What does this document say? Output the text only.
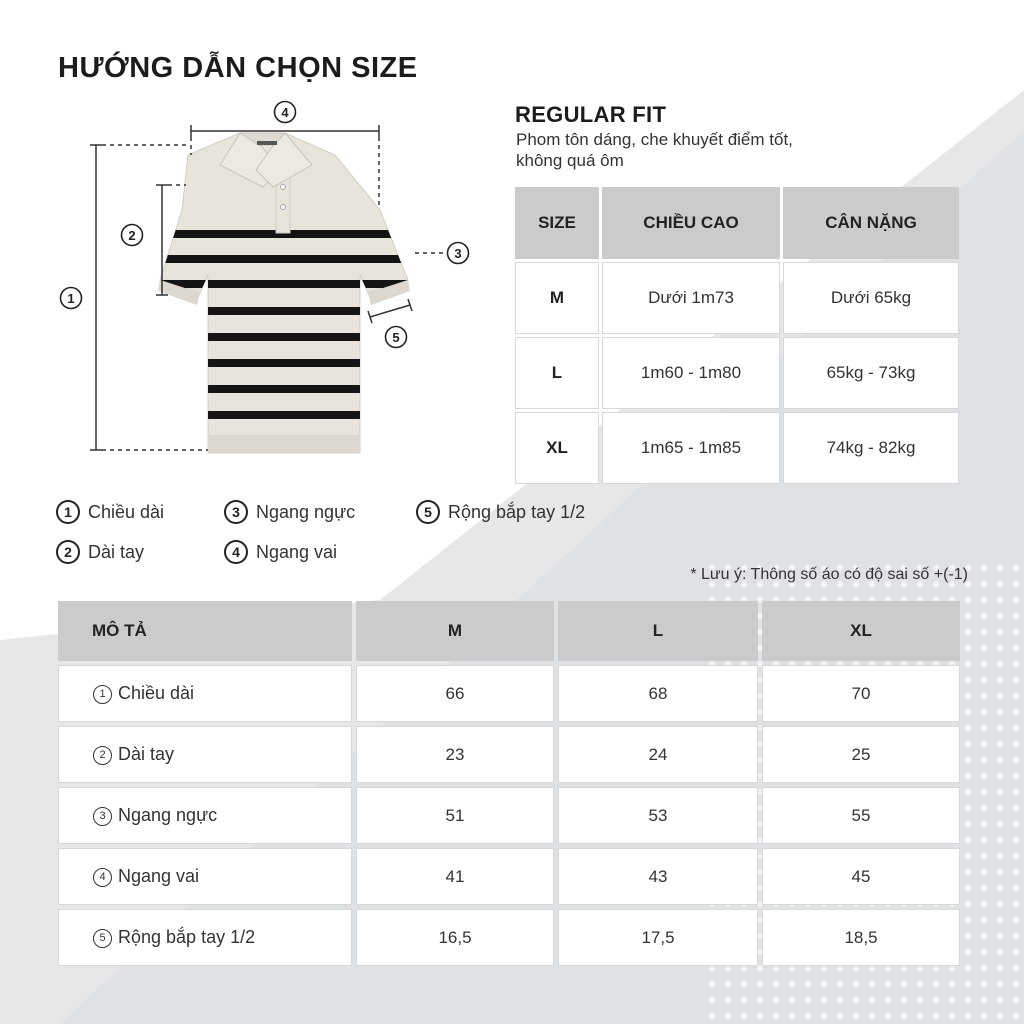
HƯỚNG DẪN CHỌN SIZE
4
1
2
3
5
REGULAR FIT
Phom tôn dáng, che khuyết điểm tốt,
không quá ôm
SIZE	CHIỀU CAO	CÂN NẶNG
M	Dưới 1m73	Dưới 65kg
L	1m60 - 1m80	65kg - 73kg
XL	1m65 - 1m85	74kg - 82kg
1 Chiều dài
2 Dài tay
3 Ngang ngực
4 Ngang vai
5 Rộng bắp tay 1/2
* Lưu ý: Thông số áo có độ sai số +(-1)
MÔ TẢ	M	L	XL
1 Chiều dài	66	68	70
2 Dài tay	23	24	25
3 Ngang ngực	51	53	55
4 Ngang vai	41	43	45
5 Rộng bắp tay 1/2	16,5	17,5	18,5
